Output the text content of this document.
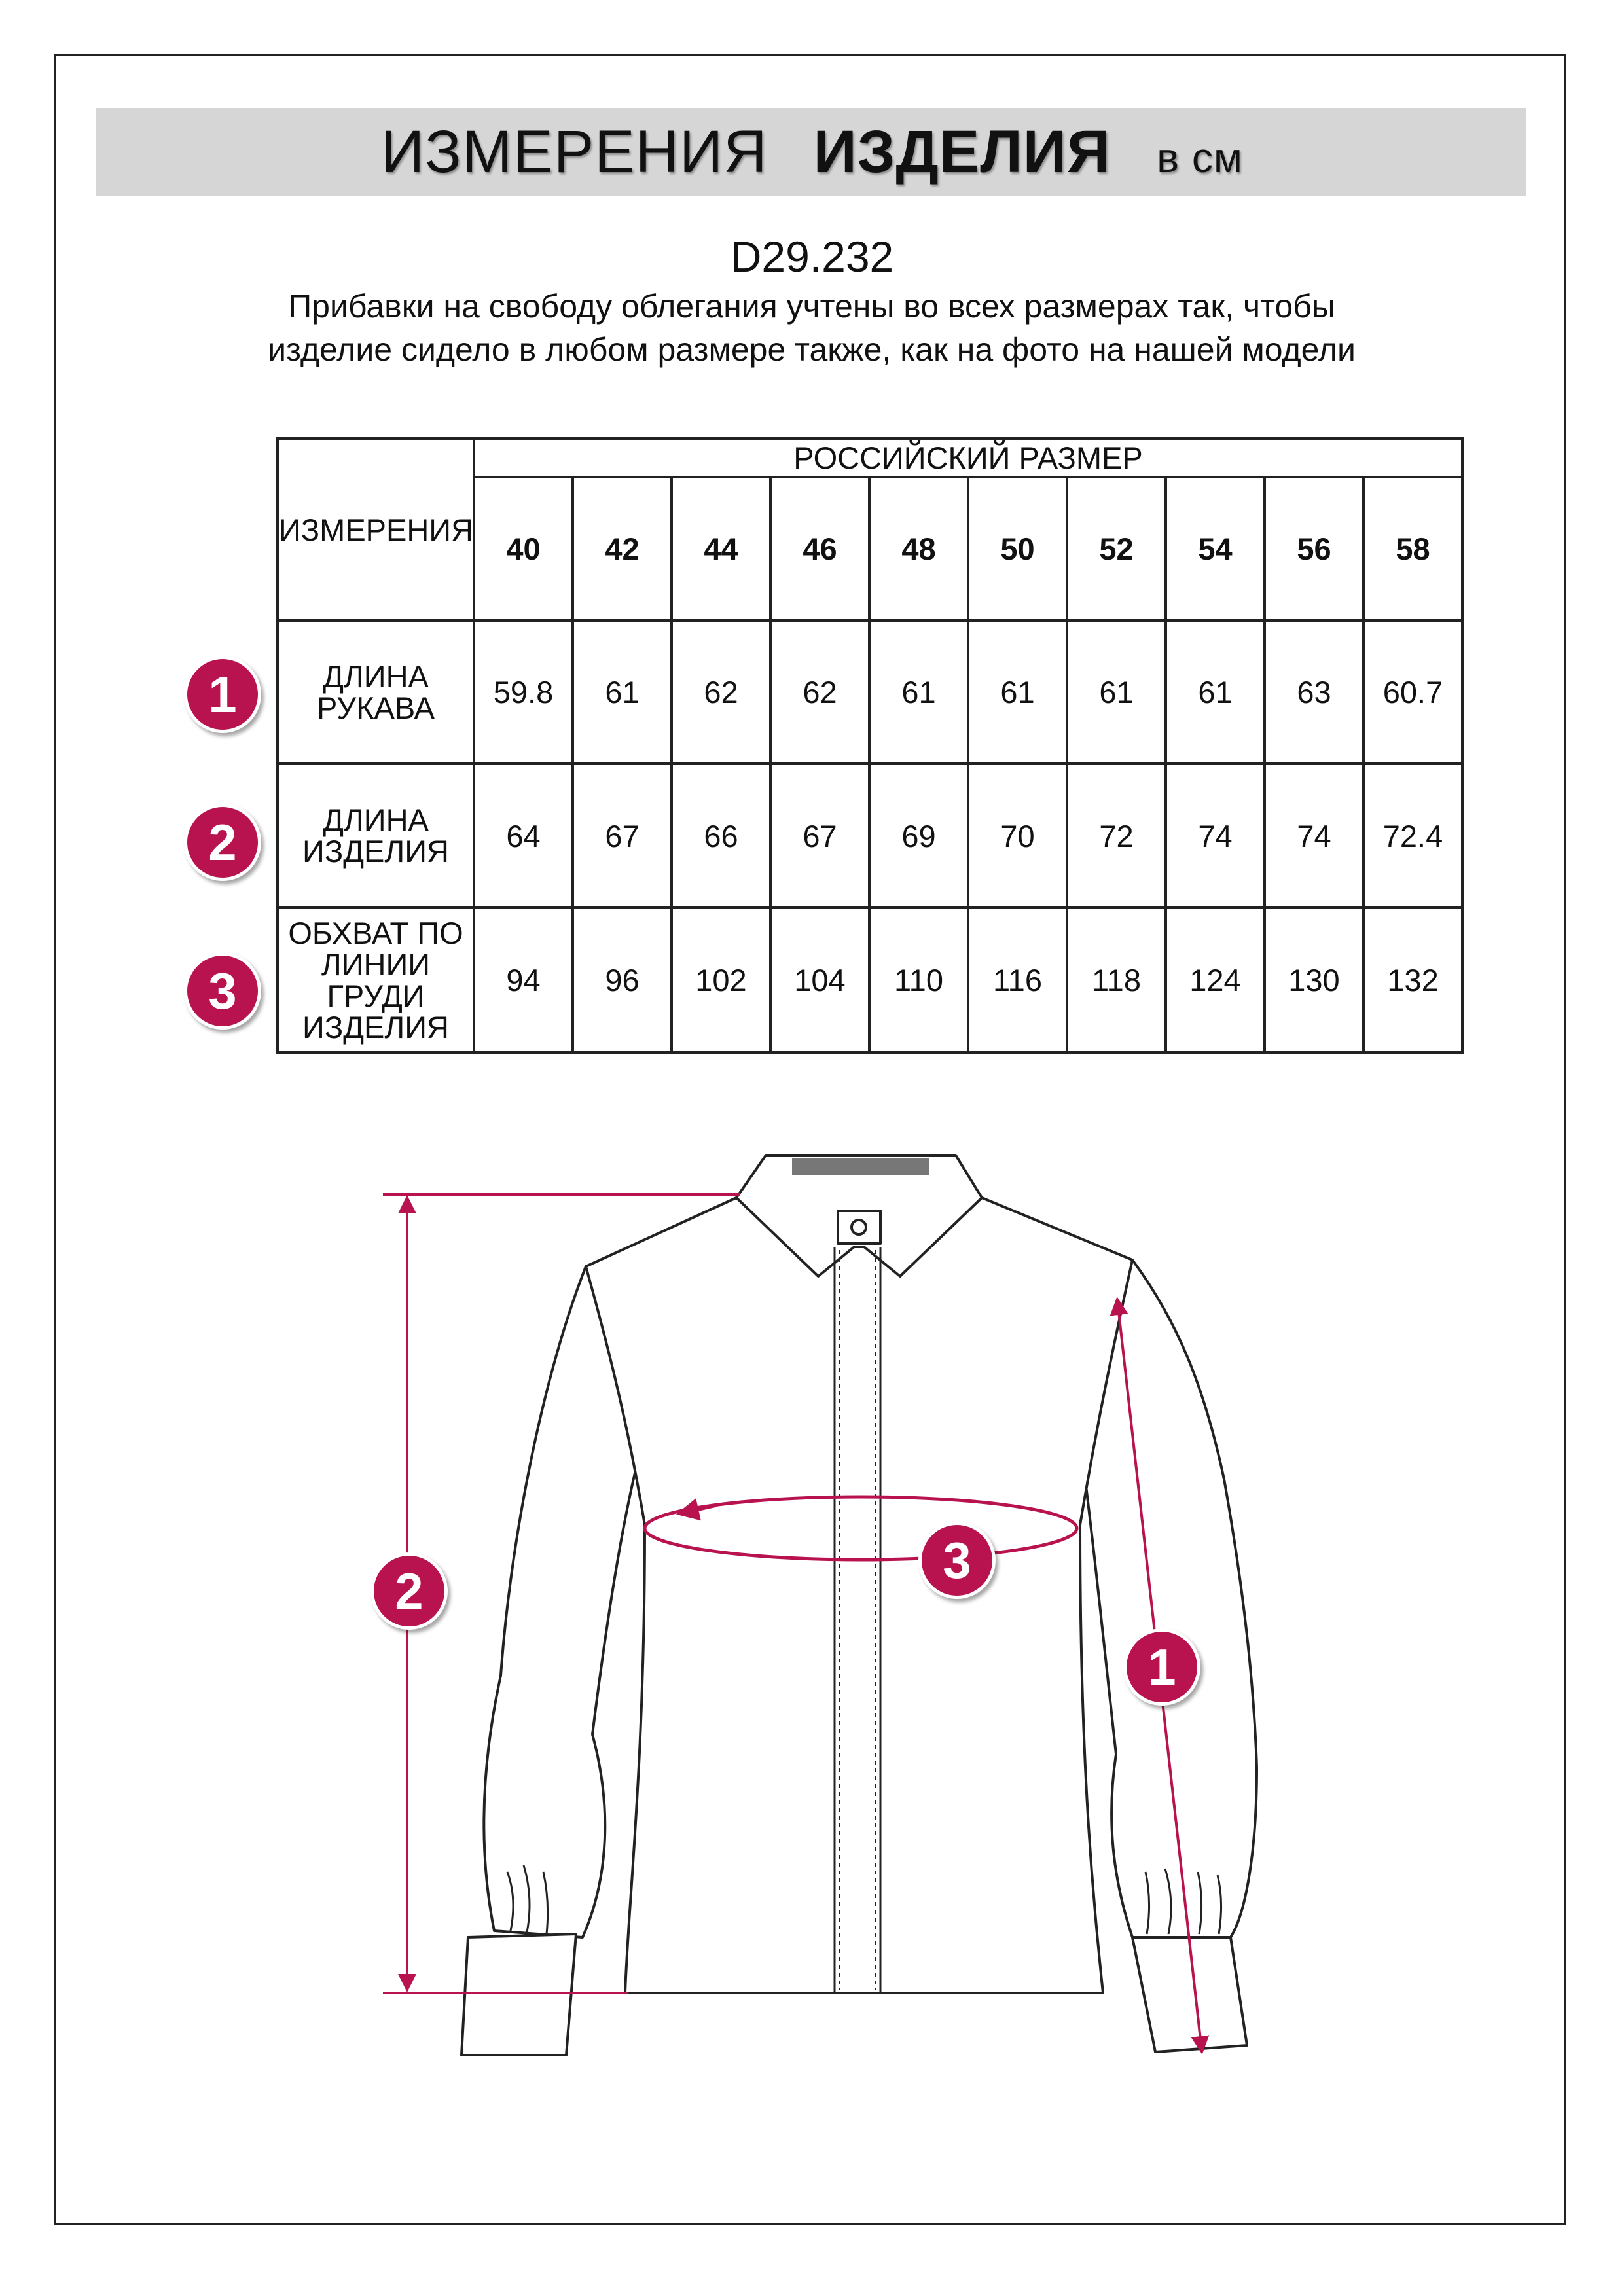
ИЗМЕРЕНИЯ ИЗДЕЛИЯ в см
D29.232
Прибавки на свободу облегания учтены во всех размерах так, чтобы изделие сидело в любом размере также, как на фото на нашей модели
ИЗМЕРЕНИЯ	РОССИЙСКИЙ РАЗМЕР									
	40	42	44	46	48	50	52	54	56	58

ДЛИНА
РУКАВА	59.8	61	62	62	61	61	61	61	63	60.7

ДЛИНА
ИЗДЕЛИЯ	64	67	66	67	69	70	72	74	74	72.4

ОБХВАТ ПО
ЛИНИИ
ГРУДИ
ИЗДЕЛИЯ	94	96	102	104	110	116	118	124	130	132
1
2
3
2
1
3
